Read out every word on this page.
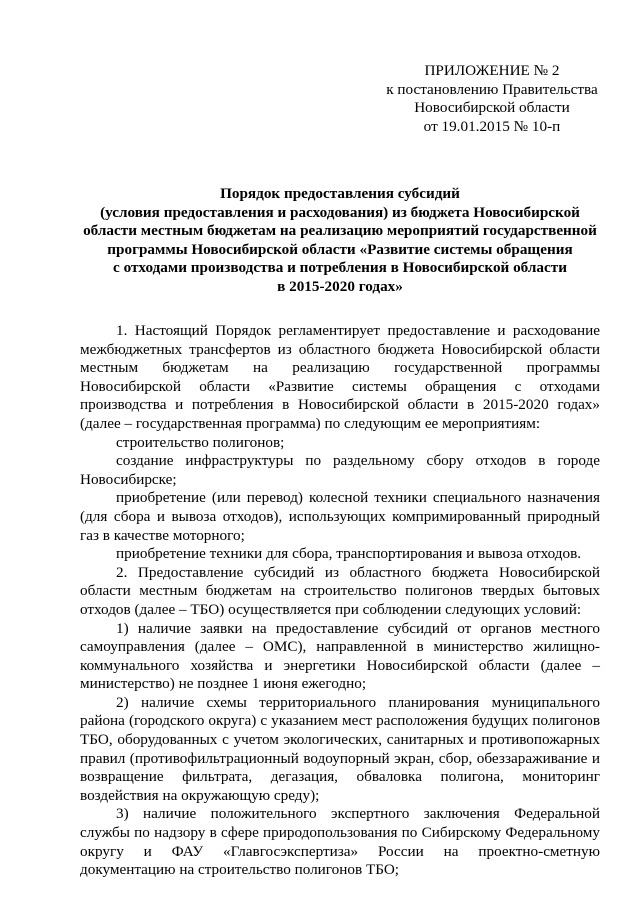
ПРИЛОЖЕНИЕ № 2
к постановлению Правительства
Новосибирской области
от 19.01.2015 № 10-п
Порядок предоставления субсидий
(условия предоставления и расходования) из бюджета Новосибирской
области местным бюджетам на реализацию мероприятий государственной
программы Новосибирской области «Развитие системы обращения
с отходами производства и потребления в Новосибирской области
в 2015-2020 годах»

1. Настоящий Порядок регламентирует предоставление и расходование межбюджетных трансфертов из областного бюджета Новосибирской области местным бюджетам на реализацию государственной программы Новосибирской области «Развитие системы обращения с отходами производства и потребления в Новосибирской области в 2015-2020 годах» (далее – государственная программа) по следующим ее мероприятиям:

строительство полигонов;

создание инфраструктуры по раздельному сбору отходов в городе Новосибирске;

приобретение (или перевод) колесной техники специального назначения (для сбора и вывоза отходов), использующих компримированный природный газ в качестве моторного;

приобретение техники для сбора, транспортирования и вывоза отходов.

2. Предоставление субсидий из областного бюджета Новосибирской области местным бюджетам на строительство полигонов твердых бытовых отходов (далее – ТБО) осуществляется при соблюдении следующих условий:

1) наличие заявки на предоставление субсидий от органов местного самоуправления (далее – ОМС), направленной в министерство жилищно-коммунального хозяйства и энергетики Новосибирской области (далее – министерство) не позднее 1 июня ежегодно;

2) наличие схемы территориального планирования муниципального района (городского округа) с указанием мест расположения будущих полигонов ТБО, оборудованных с учетом экологических, санитарных и противопожарных правил (противофильтрационный водоупорный экран, сбор, обеззараживание и возвращение фильтрата, дегазация, обваловка полигона, мониторинг воздействия на окружающую среду);

3) наличие положительного экспертного заключения Федеральной службы по надзору в сфере природопользования по Сибирскому Федеральному округу и ФАУ «Главгосэкспертиза» России на проектно-сметную документацию на строительство полигонов ТБО;
